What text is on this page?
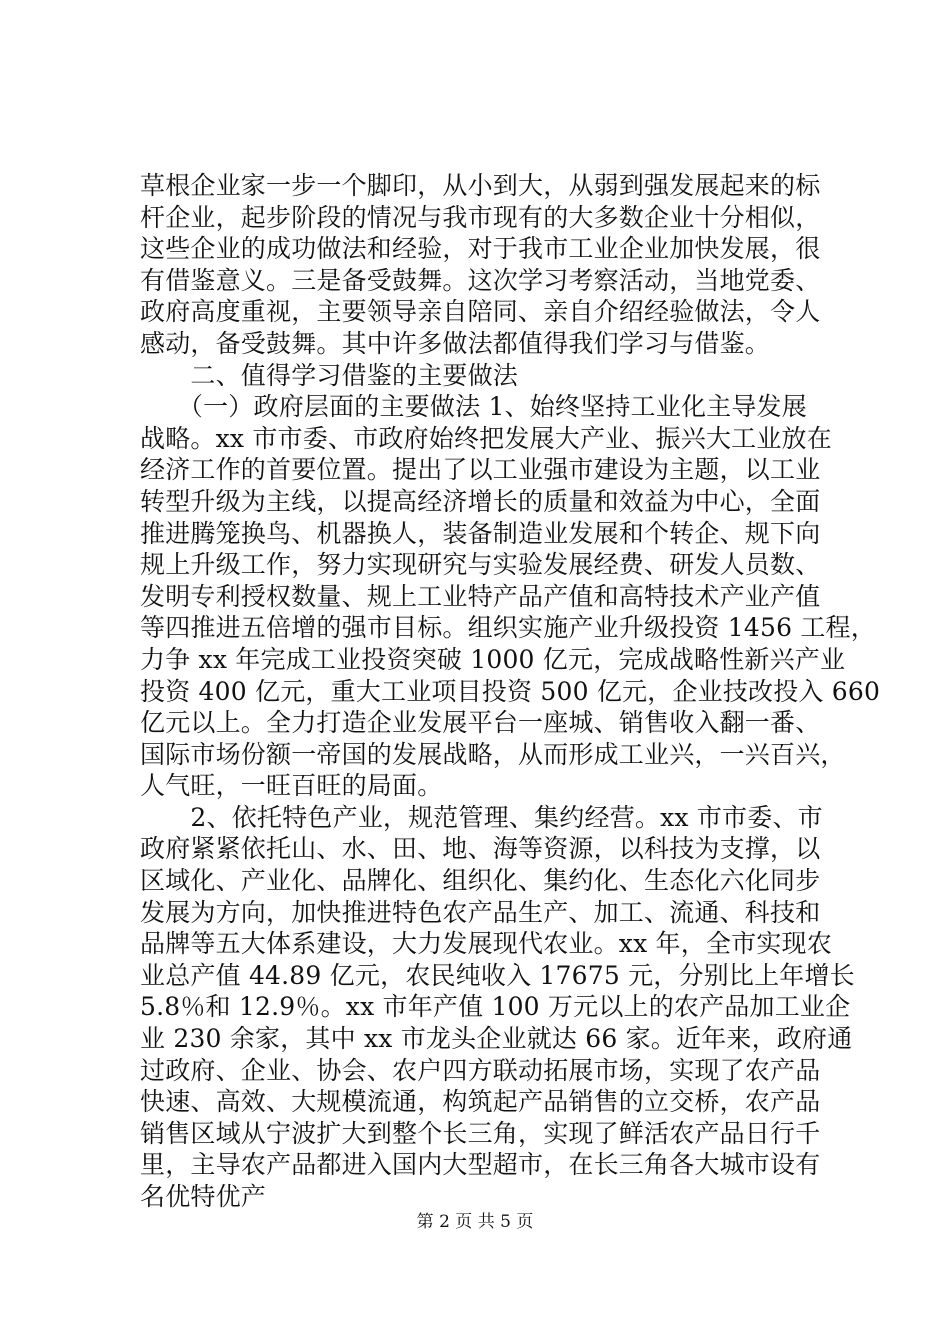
草根企业家一步一个脚印，从小到大，从弱到强发展起来的标
杆企业，起步阶段的情况与我市现有的大多数企业十分相似，
这些企业的成功做法和经验，对于我市工业企业加快发展，很
有借鉴意义。三是备受鼓舞。这次学习考察活动，当地党委、
政府高度重视，主要领导亲自陪同、亲自介绍经验做法，令人
感动，备受鼓舞。其中许多做法都值得我们学习与借鉴。
　　二、值得学习借鉴的主要做法
　　（一）政府层面的主要做法 1、始终坚持工业化主导发展
战略。xx 市市委、市政府始终把发展大产业、振兴大工业放在
经济工作的首要位置。提出了以工业强市建设为主题，以工业
转型升级为主线，以提高经济增长的质量和效益为中心，全面
推进腾笼换鸟、机器换人，装备制造业发展和个转企、规下向
规上升级工作，努力实现研究与实验发展经费、研发人员数、
发明专利授权数量、规上工业特产品产值和高特技术产业产值
等四推进五倍增的强市目标。组织实施产业升级投资 1456 工程，
力争 xx 年完成工业投资突破 1000 亿元，完成战略性新兴产业
投资 400 亿元，重大工业项目投资 500 亿元，企业技改投入 660
亿元以上。全力打造企业发展平台一座城、销售收入翻一番、
国际市场份额一帝国的发展战略，从而形成工业兴，一兴百兴，
人气旺，一旺百旺的局面。
　　2、依托特色产业，规范管理、集约经营。xx 市市委、市
政府紧紧依托山、水、田、地、海等资源，以科技为支撑，以
区域化、产业化、品牌化、组织化、集约化、生态化六化同步
发展为方向，加快推进特色农产品生产、加工、流通、科技和
品牌等五大体系建设，大力发展现代农业。xx 年，全市实现农
业总产值 44.89 亿元，农民纯收入 17675 元，分别比上年增长
5.8％和 12.9％。xx 市年产值 100 万元以上的农产品加工业企
业 230 余家，其中 xx 市龙头企业就达 66 家。近年来，政府通
过政府、企业、协会、农户四方联动拓展市场，实现了农产品
快速、高效、大规模流通，构筑起产品销售的立交桥，农产品
销售区域从宁波扩大到整个长三角，实现了鲜活农产品日行千
里，主导农产品都进入国内大型超市，在长三角各大城市设有
名优特优产
第 2 页 共 5 页
